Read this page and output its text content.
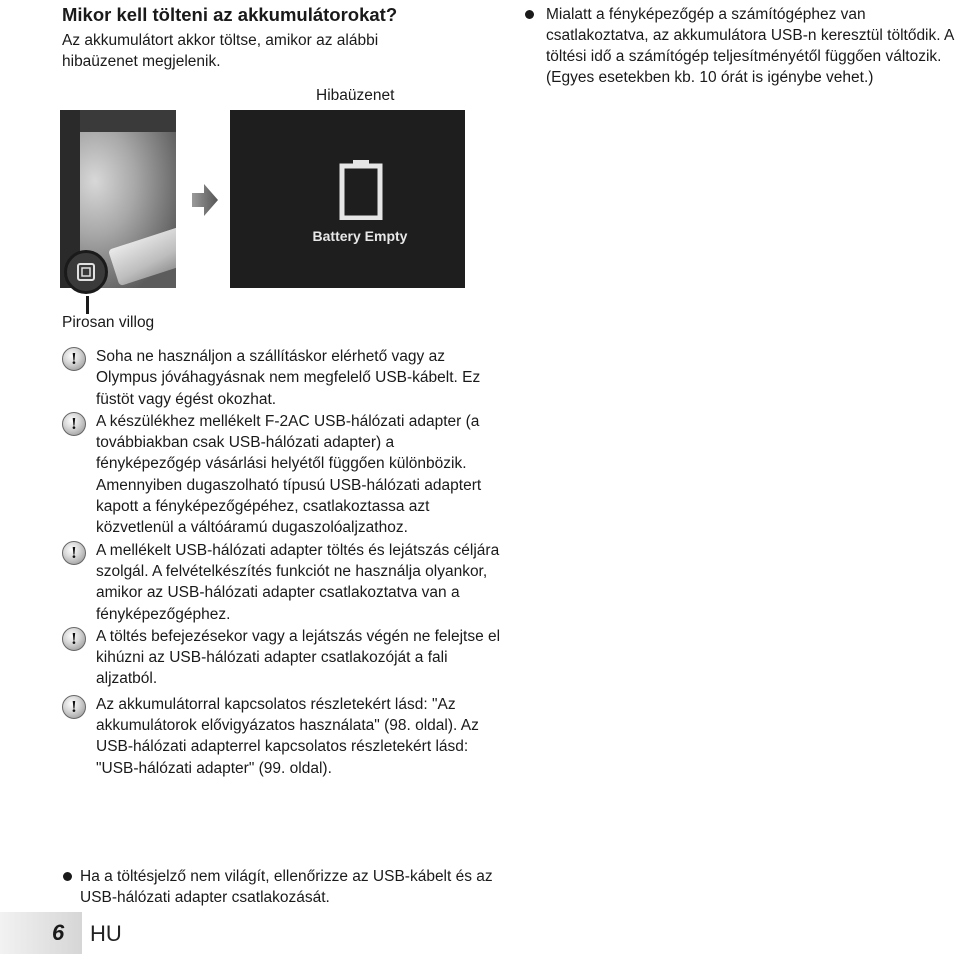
Mikor kell tölteni az akkumulátorokat?
Az akkumulátort akkor töltse, amikor az alábbi hibaüzenet megjelenik.
Hibaüzenet
Mialatt a fényképezőgép a számítógéphez van csatlakoztatva, az akkumulátora USB-n keresztül töltődik. A töltési idő a számítógép teljesítményétől függően változik. (Egyes esetekben kb. 10 órát is igénybe vehet.)
Battery Empty
Pirosan villog
!	Soha ne használjon a szállításkor elérhető vagy az Olympus jóváhagyásnak nem megfelelő USB-kábelt. Ez füstöt vagy égést okozhat.
!	A készülékhez mellékelt F-2AC USB-hálózati adapter (a továbbiakban csak USB-hálózati adapter) a fényképezőgép vásárlási helyétől függően különbözik. Amennyiben dugaszolható típusú USB-hálózati adaptert kapott a fényképezőgépéhez, csatlakoztassa azt közvetlenül a váltóáramú dugaszolóaljzathoz.
!	A mellékelt USB-hálózati adapter töltés és lejátszás céljára szolgál. A felvételkészítés funkciót ne használja olyankor, amikor az USB-hálózati adapter csatlakoztatva van a fényképezőgéphez.
!	A töltés befejezésekor vagy a lejátszás végén ne felejtse el kihúzni az USB-hálózati adapter csatlakozóját a fali aljzatból.
!	Az akkumulátorral kapcsolatos részletekért lásd: "Az akkumulátorok elővigyázatos használata" (98. oldal). Az USB-hálózati adapterrel kapcsolatos részletekért lásd: "USB-hálózati adapter" (99. oldal).
Ha a töltésjelző nem világít, ellenőrizze az USB-kábelt és az USB-hálózati adapter csatlakozását.
6 HU
